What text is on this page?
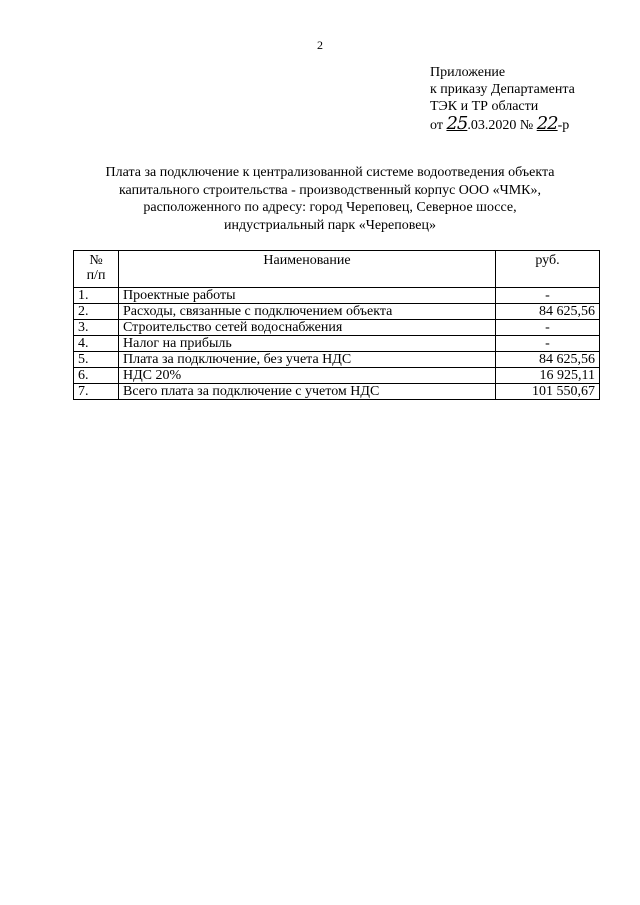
2
Приложение
к приказу Департамента
ТЭК и ТР области
от 25.03.2020 № 22-р
Плата за подключение к централизованной системе водоотведения объекта
капитального строительства - производственный корпус ООО «ЧМК»,
расположенного по адресу: город Череповец, Северное шоссе,
индустриальный парк «Череповец»
№
п/п	Наименование	руб.
1.	Проектные работы	-
2.	Расходы, связанные с подключением объекта	84 625,56
3.	Строительство сетей водоснабжения	-
4.	Налог на прибыль	-
5.	Плата за подключение, без учета НДС	84 625,56
6.	НДС 20%	16 925,11
7.	Всего плата за подключение с учетом НДС	101 550,67
